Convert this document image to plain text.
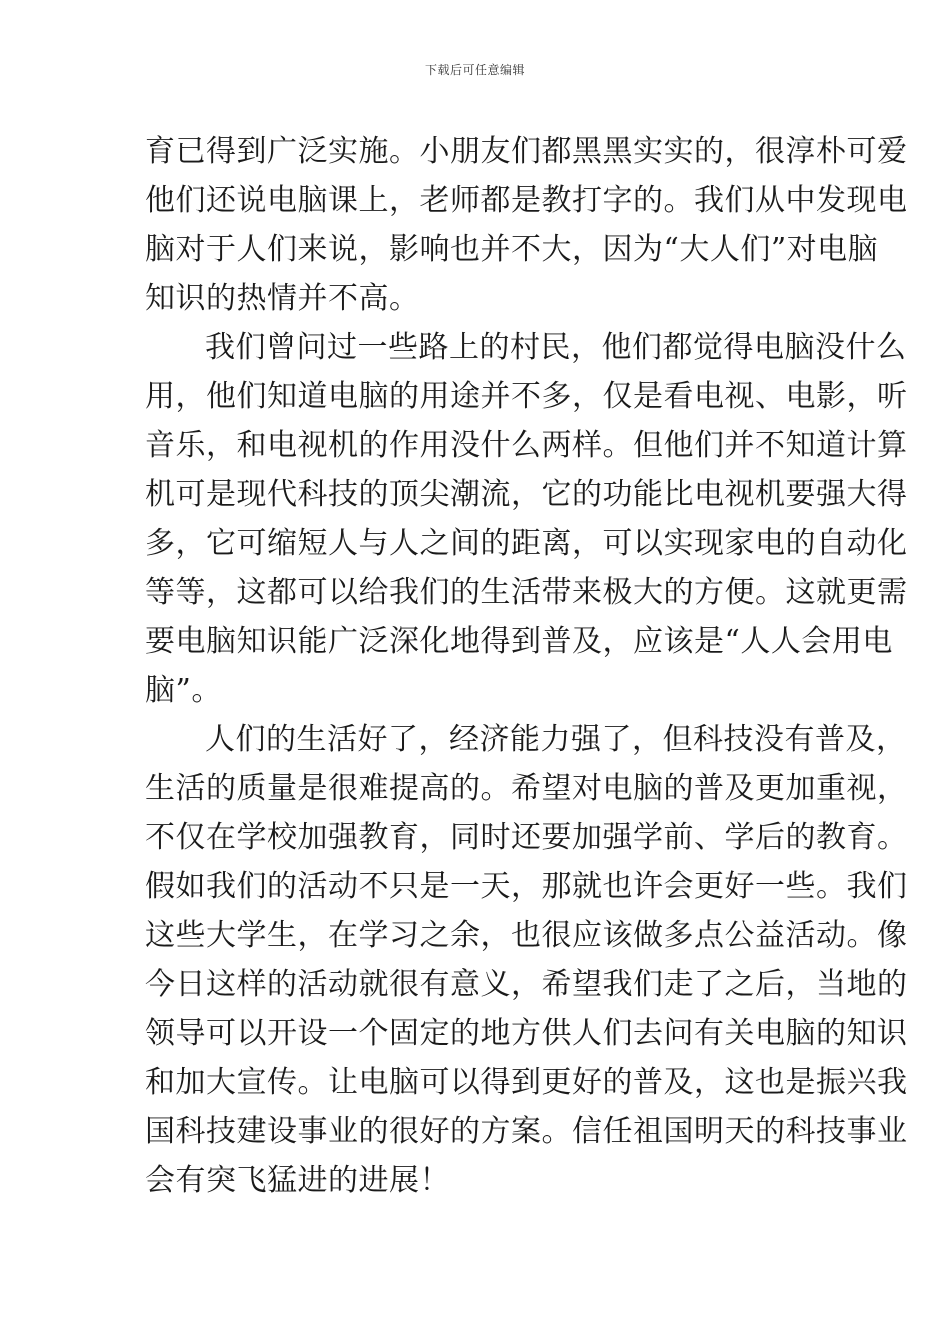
下载后可任意编辑
育已得到广泛实施。小朋友们都黑黑实实的，很淳朴可爱
他们还说电脑课上，老师都是教打字的。我们从中发现电
脑对于人们来说，影响也并不大，因为“大人们”对电脑
知识的热情并不高。
我们曾问过一些路上的村民，他们都觉得电脑没什么
用，他们知道电脑的用途并不多，仅是看电视、电影，听
音乐，和电视机的作用没什么两样。但他们并不知道计算
机可是现代科技的顶尖潮流，它的功能比电视机要强大得
多，它可缩短人与人之间的距离，可以实现家电的自动化
等等，这都可以给我们的生活带来极大的方便。这就更需
要电脑知识能广泛深化地得到普及，应该是“人人会用电
脑”。
人们的生活好了，经济能力强了，但科技没有普及，
生活的质量是很难提高的。希望对电脑的普及更加重视，
不仅在学校加强教育，同时还要加强学前、学后的教育。
假如我们的活动不只是一天，那就也许会更好一些。我们
这些大学生，在学习之余，也很应该做多点公益活动。像
今日这样的活动就很有意义，希望我们走了之后，当地的
领导可以开设一个固定的地方供人们去问有关电脑的知识
和加大宣传。让电脑可以得到更好的普及，这也是振兴我
国科技建设事业的很好的方案。信任祖国明天的科技事业
会有突飞猛进的进展！
